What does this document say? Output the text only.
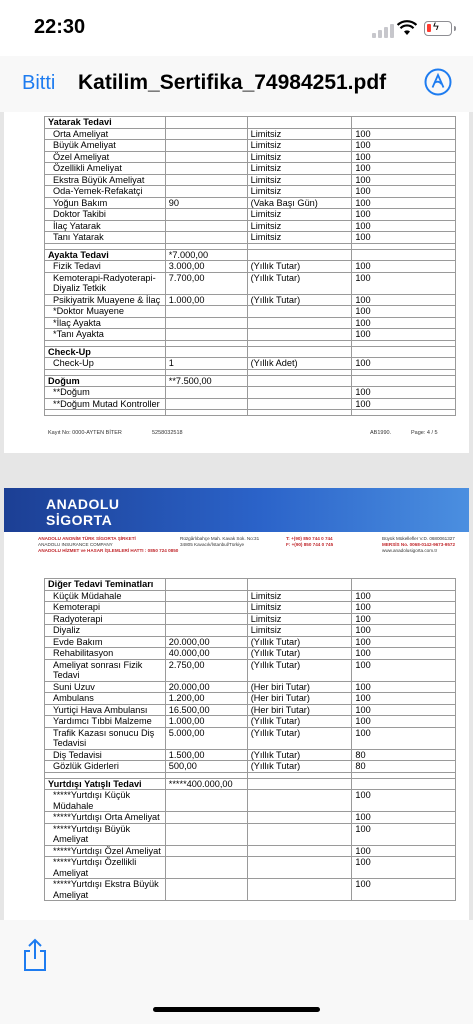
22:30	ϟ
Bitti Katilim_Sertifika_74984251.pdf
Yatarak Tedavi			
Orta Ameliyat		Limitsiz	100
Büyük Ameliyat		Limitsiz	100
Özel Ameliyat		Limitsiz	100
Özellikli Ameliyat		Limitsiz	100
Ekstra Büyük Ameliyat		Limitsiz	100
Oda-Yemek-Refakatçi		Limitsiz	100
Yoğun Bakım	90	(Vaka Başı Gün)	100
Doktor Takibi		Limitsiz	100
İlaç Yatarak		Limitsiz	100
Tanı Yatarak		Limitsiz	100

Ayakta Tedavi	*7.000,00		
Fizik Tedavi	3.000,00	(Yıllık Tutar)	100
Kemoterapi-Radyoterapi-Diyaliz Tetkik	7.700,00	(Yıllık Tutar)	100
Psikiyatrik Muayene & İlaç	1.000,00	(Yıllık Tutar)	100
*Doktor Muayene			100
*İlaç Ayakta			100
*Tanı Ayakta			100

Check-Up			
Check-Up	1	(Yıllık Adet)	100

Doğum	**7.500,00		
**Doğum			100
**Doğum Mutad Kontroller			100

Kayıt No: 0000-AYTEN BİTER	5258032518	AB1990.	Page: 4 / 5
ANADOLU
SİGORTA
ANADOLU ANONİM TÜRK SİGORTA ŞİRKETİ
ANADOLU INSURANCE COMPANY
ANADOLU HİZMET ve HASAR İŞLEMLERİ HATTI : 0850 724 0850
Rüzgârlıbahçe Mah. Kavak Sok. No:31
34805 Kavacık/İstanbul/Türkiye
T: +(90) 850 744 0 744
F: +(90) 850 744 0 745
Büyük Mükellefler V.D. 0680061327
MERSİS No. 0068-0142-9673-9572
www.anadolusigorta.com.tr
Diğer Tedavi Teminatları			
Küçük Müdahale		Limitsiz	100
Kemoterapi		Limitsiz	100
Radyoterapi		Limitsiz	100
Diyaliz		Limitsiz	100
Evde Bakım	20.000,00	(Yıllık Tutar)	100
Rehabilitasyon	40.000,00	(Yıllık Tutar)	100
Ameliyat sonrası Fizik Tedavi	2.750,00	(Yıllık Tutar)	100
Suni Uzuv	20.000,00	(Her biri Tutar)	100
Ambulans	1.200,00	(Her biri Tutar)	100
Yurtiçi Hava Ambulansı	16.500,00	(Her biri Tutar)	100
Yardımcı Tıbbi Malzeme	1.000,00	(Yıllık Tutar)	100
Trafik Kazası sonucu Diş Tedavisi	5.000,00	(Yıllık Tutar)	100
Diş Tedavisi	1.500,00	(Yıllık Tutar)	80
Gözlük Giderleri	500,00	(Yıllık Tutar)	80

Yurtdışı Yatışlı Tedavi	*****400.000,00		
*****Yurtdışı Küçük Müdahale			100
*****Yurtdışı Orta Ameliyat			100
*****Yurtdışı Büyük Ameliyat			100
*****Yurtdışı Özel Ameliyat			100
*****Yurtdışı Özellikli Ameliyat			100
*****Yurtdışı Ekstra Büyük Ameliyat			100
